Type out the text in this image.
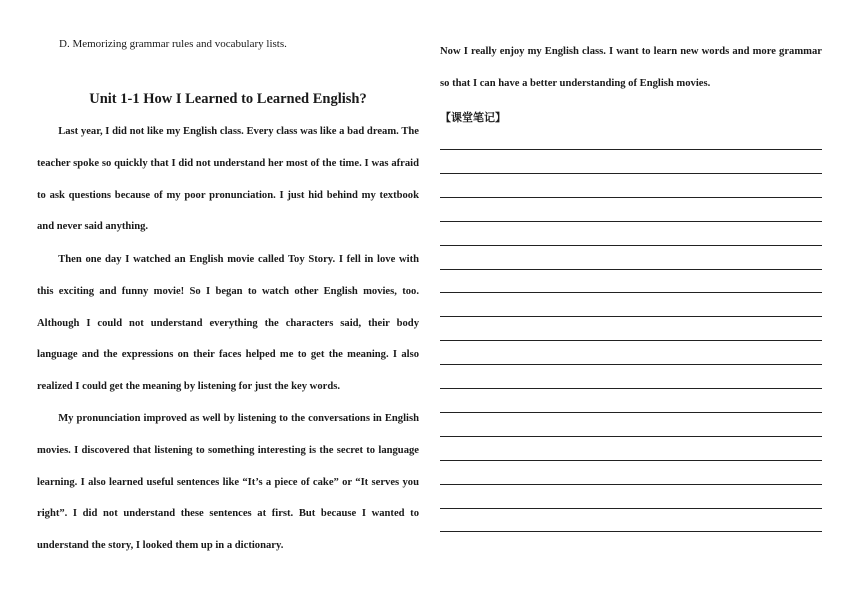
D. Memorizing grammar rules and vocabulary lists.
Unit 1-1 How I Learned to Learned English?

Last year, I did not like my English class. Every class was like a bad dream. The teacher spoke so quickly that I did not understand her most of the time. I was afraid to ask questions because of my poor pronunciation. I just hid behind my textbook and never said anything.

Then one day I watched an English movie called Toy Story. I fell in love with this exciting and funny movie! So I began to watch other English movies, too. Although I could not understand everything the characters said, their body language and the expressions on their faces helped me to get the meaning. I also realized I could get the meaning by listening for just the key words.

My pronunciation improved as well by listening to the conversations in English movies. I discovered that listening to something interesting is the secret to language learning. I also learned useful sentences like “It’s a piece of cake” or “It serves you right”. I did not understand these sentences at first. But because I wanted to understand the story, I looked them up in a dictionary.

Now I really enjoy my English class. I want to learn new words and more grammar so that I can have a better understanding of English movies.

【课堂笔记】
